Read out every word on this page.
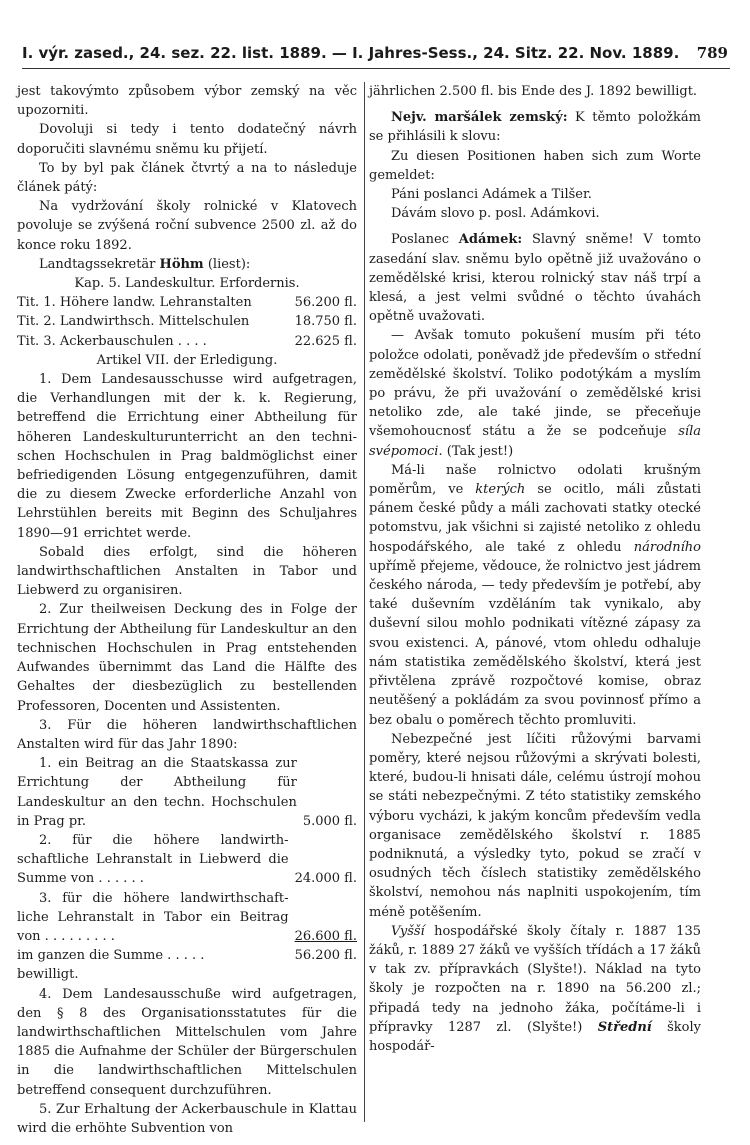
I. výr. zased., 24. sez. 22. list. 1889. — I. Jahres-Sess., 24. Sitz. 22. Nov. 1889. 789

jest takovýmto způsobem výbor zemský na věc upozorniti.

Dovoluji si tedy i tento dodatečný návrh doporučiti slavnému sněmu ku přijetí.

To by byl pak článek čtvrtý a na to následuje článek pátý:

Na vydržování školy rolnické v Klatovech povoluje se zvýšená roční subvence 2500 zl. až do konce roku 1892.

Landtagssekretär Höhm (liest):

Kap. 5. Landeskultur. Erfordernis.

Tit. 1. Höhere landw. Lehranstalten	56.200 fl.
Tit. 2. Landwirthsch. Mittelschulen	18.750 fl.
Tit. 3. Ackerbauschulen . . . .	22.625 fl.

Artikel VII. der Erledigung.

1. Dem Landesausschusse wird aufgetragen, die Verhandlungen mit der k. k. Regierung, betreffend die Errichtung einer Abtheilung für höheren Landeskulturunterricht an den technischen Hochschulen in Prag baldmöglichst einer befriedigenden Lösung entgegenzuführen, damit die zu diesem Zwecke erforderliche Anzahl von Lehrstühlen bereits mit Beginn des Schuljahres 1890—91 errichtet werde.

Sobald dies erfolgt, sind die höheren landwirthschaftlichen Anstalten in Tabor und Liebwerd zu organisiren.

2. Zur theilweisen Deckung des in Folge der Errichtung der Abtheilung für Landeskultur an den technischen Hochschulen in Prag entstehenden Aufwandes übernimmt das Land die Hälfte des Gehaltes der diesbezüglich zu bestellenden Professoren, Docenten und Assistenten.

3. Für die höheren landwirthschaftlichen Anstalten wird für das Jahr 1890:

1. ein Beitrag an die Staatskassa zur Errichtung der Abtheilung für Landeskultur an den techn. Hochschulen in Prag pr.	5.000 fl.
2. für die höhere landwirthschaftliche Lehranstalt in Liebwerd die Summe von . . . . . .	24.000 fl.
3. für die höhere landwirthschaftliche Lehranstalt in Tabor ein Beitrag von . . . . . . . . .	26.600 fl.
im ganzen die Summe . . . . .	56.200 fl.

bewilligt.

4. Dem Landesausschuße wird aufgetragen, den § 8 des Organisationsstatutes für die landwirthschaftlichen Mittelschulen vom Jahre 1885 die Aufnahme der Schüler der Bürgerschulen in die landwirthschaftlichen Mittelschulen betreffend consequent durchzuführen.

5. Zur Erhaltung der Ackerbauschule in Klattau wird die erhöhte Subvention von

jährlichen 2.500 fl. bis Ende des J. 1892 bewilligt.

Nejv. maršálek zemský: K těmto položkám se přihlásili k slovu:

Zu diesen Positionen haben sich zum Worte gemeldet:

Páni poslanci Adámek a Tilšer.

Dávám slovo p. posl. Adámkovi.

Poslanec Adámek: Slavný sněme! V tomto zasedání slav. sněmu bylo opětně již uvažováno o zemědělské krisi, kterou rolnický stav náš trpí a klesá, a jest velmi svůdné o těchto úvahách opětně uvažovati.

— Avšak tomuto pokušení musím při této položce odolati, poněvadž jde především o střední zemědělské školství. Toliko podotýkám a myslím po právu, že při uvažování o zemědělské krisi netoliko zde, ale také jinde, se přeceňuje všemohoucnosť státu a že se podceňuje síla svépomoci. (Tak jest!)

Má-li naše rolnictvo odolati krušným poměrům, ve kterých se ocitlo, máli zůstati pánem české půdy a máli zachovati statky otecké potomstvu, jak všichni si zajisté netoliko z ohledu hospodářského, ale také z ohledu národního upřímě přejeme, vědouce, že rolnictvo jest jádrem českého národa, — tedy především je potřebí, aby také duševním vzděláním tak vynikalo, aby duševní silou mohlo podnikati vítězné zápasy za svou existenci. A, pánové, vtom ohledu odhaluje nám statistika zemědělského školství, která jest přivtělena zprávě rozpočtové komise, obraz neutěšený a pokládám za svou povinnosť přímo a bez obalu o poměrech těchto promluviti.

Nebezpečné jest líčiti růžovými barvami poměry, které nejsou růžovými a skrývati bolesti, které, budou-li hnisati dále, celému ústrojí mohou se státi nebezpečnými. Z této statistiky zemského výboru vycházi, k jakým koncům především vedla organisace zemědělského školství r. 1885 podniknutá, a výsledky tyto, pokud se zračí v osudných těch číslech statistiky zemědělského školství, nemohou nás naplniti uspokojením, tím méně potěšením.

Vyšší hospodářské školy čítaly r. 1887 135 žáků, r. 1889 27 žáků ve vyšších třídách a 17 žáků v tak zv. přípravkách (Slyšte!). Náklad na tyto školy je rozpočten na r. 1890 na 56.200 zl.; připadá tedy na jednoho žáka, počítáme-li i přípravky 1287 zl. (Slyšte!) Střední školy hospodář-
